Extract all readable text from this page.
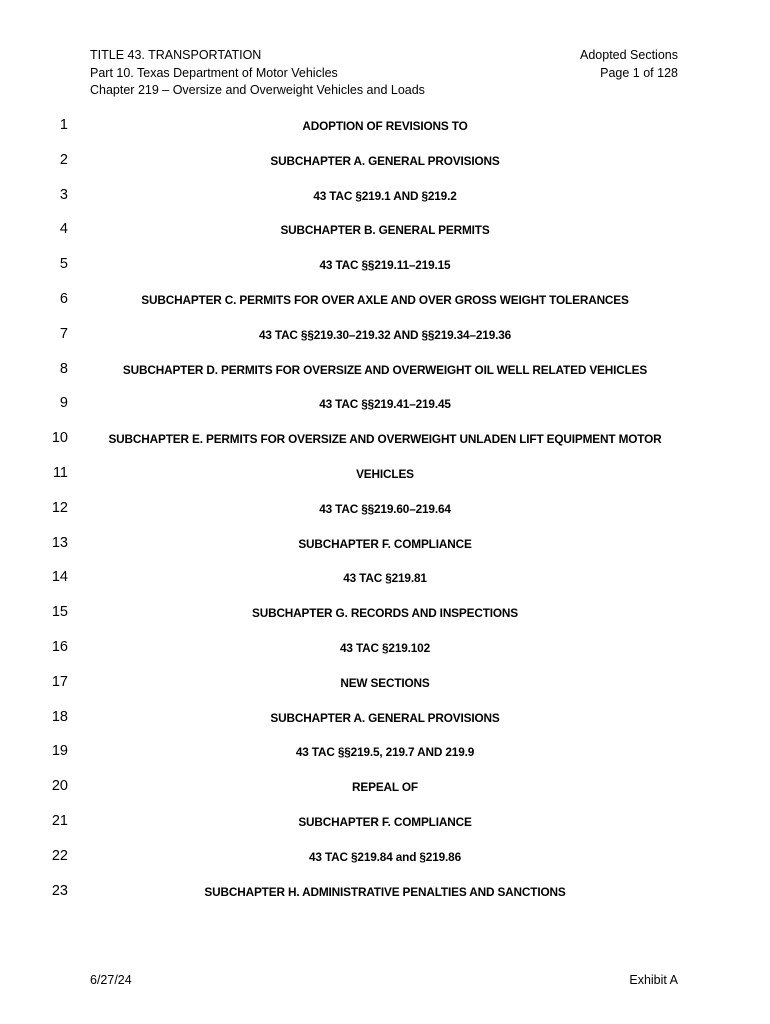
TITLE 43. TRANSPORTATION
Part 10. Texas Department of Motor Vehicles
Chapter 219 – Oversize and Overweight Vehicles and Loads
Adopted Sections
Page 1 of 128
1	ADOPTION OF REVISIONS TO
2	SUBCHAPTER A. GENERAL PROVISIONS
3	43 TAC §219.1 AND §219.2
4	SUBCHAPTER B. GENERAL PERMITS
5	43 TAC §§219.11–219.15
6	SUBCHAPTER C. PERMITS FOR OVER AXLE AND OVER GROSS WEIGHT TOLERANCES
7	43 TAC §§219.30–219.32 AND §§219.34–219.36
8	SUBCHAPTER D. PERMITS FOR OVERSIZE AND OVERWEIGHT OIL WELL RELATED VEHICLES
9	43 TAC §§219.41–219.45
10	SUBCHAPTER E. PERMITS FOR OVERSIZE AND OVERWEIGHT UNLADEN LIFT EQUIPMENT MOTOR
11	VEHICLES
12	43 TAC §§219.60–219.64
13	SUBCHAPTER F. COMPLIANCE
14	43 TAC §219.81
15	SUBCHAPTER G. RECORDS AND INSPECTIONS
16	43 TAC §219.102
17	NEW SECTIONS
18	SUBCHAPTER A. GENERAL PROVISIONS
19	43 TAC §§219.5, 219.7 AND 219.9
20	REPEAL OF
21	SUBCHAPTER F. COMPLIANCE
22	43 TAC §219.84 and §219.86
23	SUBCHAPTER H. ADMINISTRATIVE PENALTIES AND SANCTIONS
6/27/24	Exhibit A
